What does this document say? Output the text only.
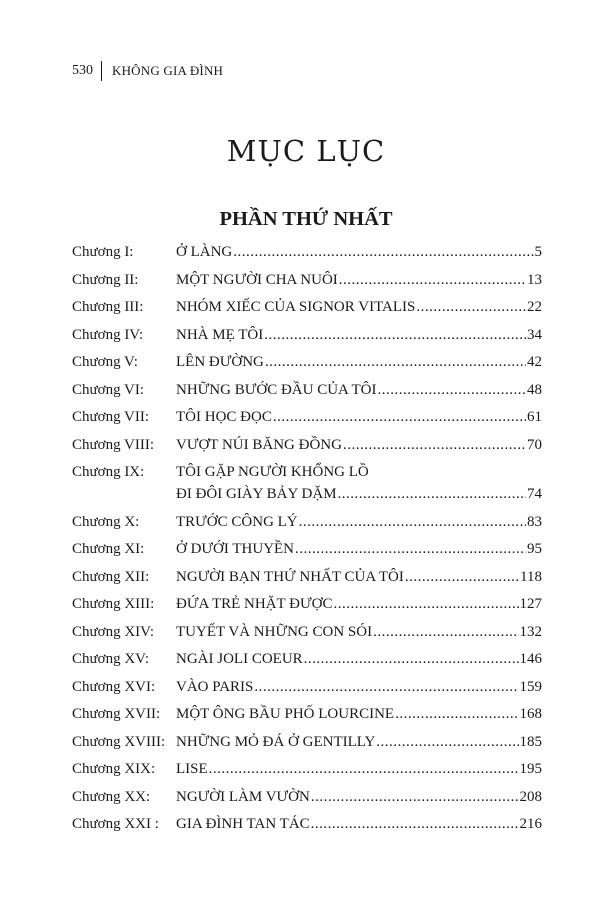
530	KHÔNG GIA ĐÌNH
MỤC LỤC
PHẦN THỨ NHẤT
Chương I:	Ở LÀNG .....	5
Chương II:	MỘT NGƯỜI CHA NUÔI .....	13
Chương III:	NHÓM XIẾC CỦA SIGNOR VITALIS .....	22
Chương IV:	NHÀ MẸ TÔI .....	34
Chương V:	LÊN ĐƯỜNG .....	42
Chương VI:	NHỮNG BƯỚC ĐẦU CỦA TÔI .....	48
Chương VII:	TÔI HỌC ĐỌC .....	61
Chương VIII:	VƯỢT NÚI BĂNG ĐỒNG .....	70
Chương IX:	TÔI GẶP NGƯỜI KHỔNG LỒ
ĐI ĐÔI GIÀY BẢY DẶM .....	74
Chương X:	TRƯỚC CÔNG LÝ .....	83
Chương XI:	Ở DƯỚI THUYỀN .....	95
Chương XII:	NGƯỜI BẠN THỨ NHẤT CỦA TÔI .....	118
Chương XIII:	ĐỨA TRẺ NHẶT ĐƯỢC .....	127
Chương XIV:	TUYẾT VÀ NHỮNG CON SÓI .....	132
Chương XV:	NGÀI JOLI COEUR .....	146
Chương XVI:	VÀO PARIS .....	159
Chương XVII:	MỘT ÔNG BẦU PHỐ LOURCINE .....	168
Chương XVIII: NHỮNG MỎ ĐÁ Ở GENTILLY .....	185
Chương XIX:	LISE .....	195
Chương XX:	NGƯỜI LÀM VƯỜN .....	208
Chương XXI :	GIA ĐÌNH TAN TÁC .....	216
